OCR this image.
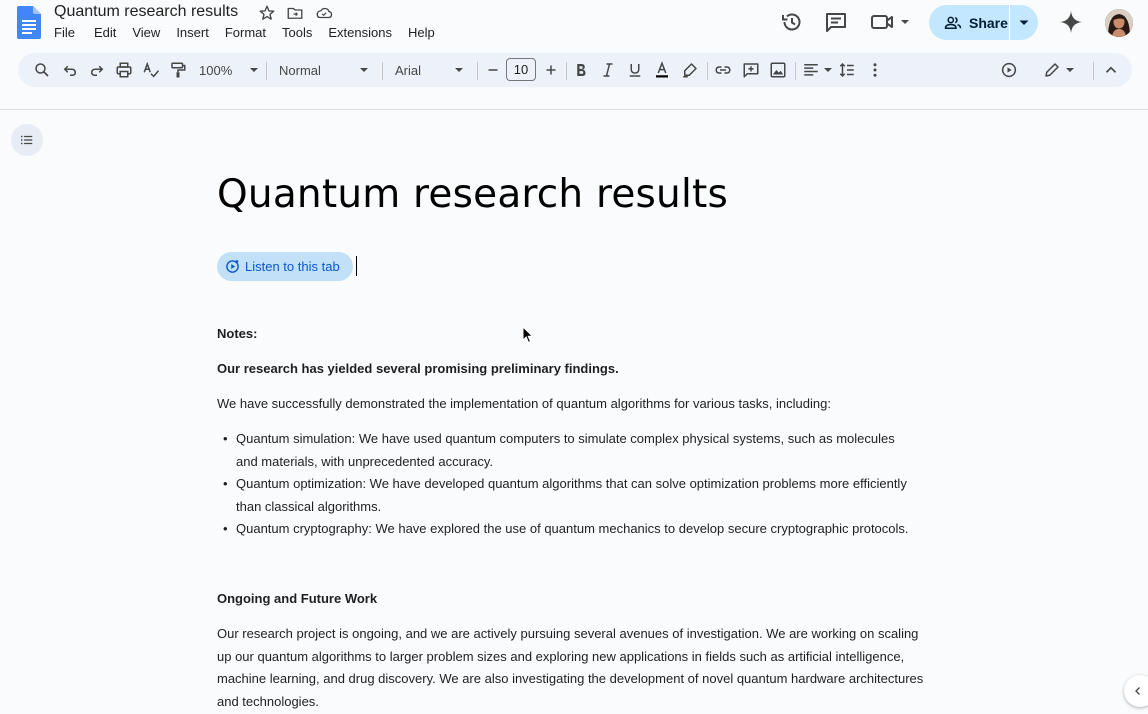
Quantum research results
File Edit View Insert Format Tools Extensions Help
Share
100%	Normal	Arial	10
Quantum research results
Listen to this tab
Notes:
Our research has yielded several promising preliminary findings.
We have successfully demonstrated the implementation of quantum algorithms for various tasks, including:
• Quantum simulation: We have used quantum computers to simulate complex physical systems, such as molecules and materials, with unprecedented accuracy.
• Quantum optimization: We have developed quantum algorithms that can solve optimization problems more efficiently than classical algorithms.
• Quantum cryptography: We have explored the use of quantum mechanics to develop secure cryptographic protocols.
Ongoing and Future Work
Our research project is ongoing, and we are actively pursuing several avenues of investigation. We are working on scaling up our quantum algorithms to larger problem sizes and exploring new applications in fields such as artificial intelligence, machine learning, and drug discovery. We are also investigating the development of novel quantum hardware architectures and technologies.
